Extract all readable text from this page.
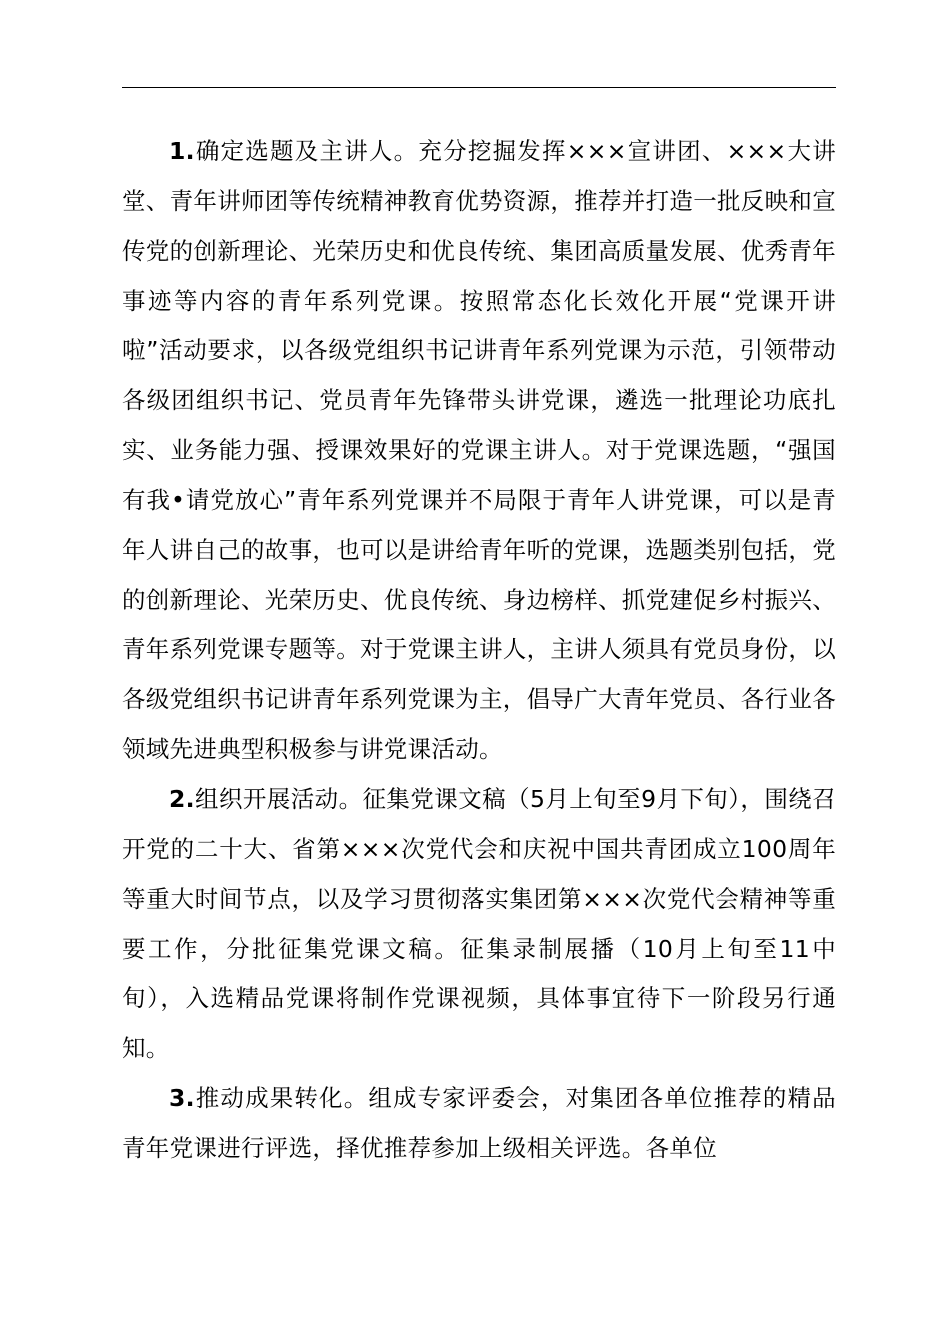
1.确定选题及主讲人。充分挖掘发挥×××宣讲团、×××大讲堂、青年讲师团等传统精神教育优势资源，推荐并打造一批反映和宣传党的创新理论、光荣历史和优良传统、集团高质量发展、优秀青年事迹等内容的青年系列党课。按照常态化长效化开展“党课开讲啦”活动要求，以各级党组织书记讲青年系列党课为示范，引领带动各级团组织书记、党员青年先锋带头讲党课，遴选一批理论功底扎实、业务能力强、授课效果好的党课主讲人。对于党课选题，“强国有我•请党放心”青年系列党课并不局限于青年人讲党课，可以是青年人讲自己的故事，也可以是讲给青年听的党课，选题类别包括，党的创新理论、光荣历史、优良传统、身边榜样、抓党建促乡村振兴、青年系列党课专题等。对于党课主讲人，主讲人须具有党员身份，以各级党组织书记讲青年系列党课为主，倡导广大青年党员、各行业各领域先进典型积极参与讲党课活动。

2.组织开展活动。征集党课文稿（5月上旬至9月下旬），围绕召开党的二十大、省第×××次党代会和庆祝中国共青团成立100周年等重大时间节点，以及学习贯彻落实集团第×××次党代会精神等重要工作，分批征集党课文稿。征集录制展播（10月上旬至11中旬），入选精品党课将制作党课视频，具体事宜待下一阶段另行通知。

3.推动成果转化。组成专家评委会，对集团各单位推荐的精品青年党课进行评选，择优推荐参加上级相关评选。各单位
